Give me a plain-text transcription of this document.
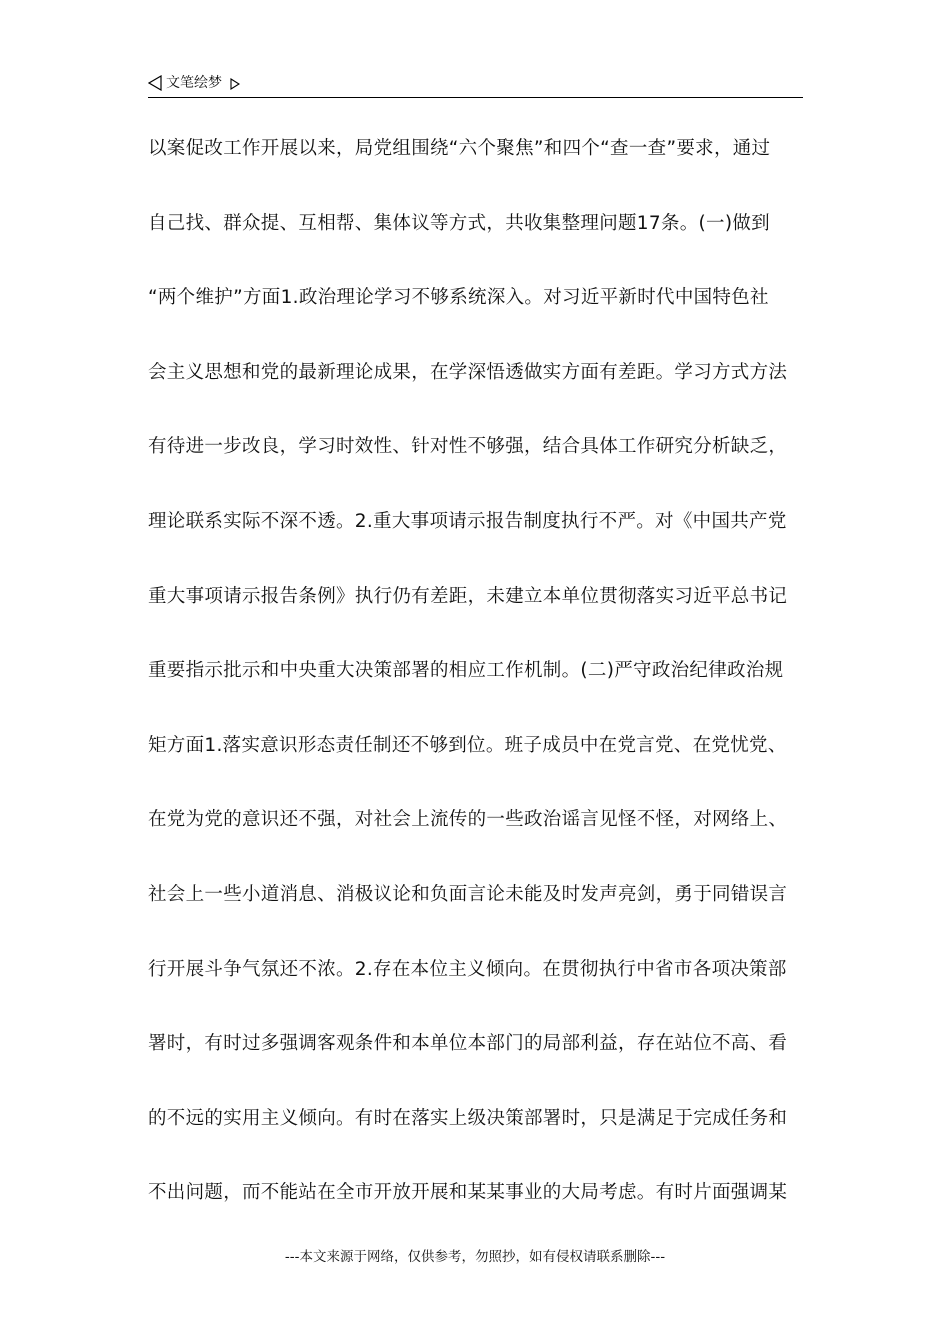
文笔绘梦
以案促改工作开展以来，局党组围绕“六个聚焦”和四个“查一查”要求，通过
自己找、群众提、互相帮、集体议等方式，共收集整理问题17条。(一)做到
“两个维护”方面1.政治理论学习不够系统深入。对习近平新时代中国特色社
会主义思想和党的最新理论成果，在学深悟透做实方面有差距。学习方式方法
有待进一步改良，学习时效性、针对性不够强，结合具体工作研究分析缺乏，
理论联系实际不深不透。2.重大事项请示报告制度执行不严。对《中国共产党
重大事项请示报告条例》执行仍有差距，未建立本单位贯彻落实习近平总书记
重要指示批示和中央重大决策部署的相应工作机制。(二)严守政治纪律政治规
矩方面1.落实意识形态责任制还不够到位。班子成员中在党言党、在党忧党、
在党为党的意识还不强，对社会上流传的一些政治谣言见怪不怪，对网络上、
社会上一些小道消息、消极议论和负面言论未能及时发声亮剑，勇于同错误言
行开展斗争气氛还不浓。2.存在本位主义倾向。在贯彻执行中省市各项决策部
署时，有时过多强调客观条件和本单位本部门的局部利益，存在站位不高、看
的不远的实用主义倾向。有时在落实上级决策部署时，只是满足于完成任务和
不出问题，而不能站在全市开放开展和某某事业的大局考虑。有时片面强调某
---本文来源于网络，仅供参考，勿照抄，如有侵权请联系删除---
